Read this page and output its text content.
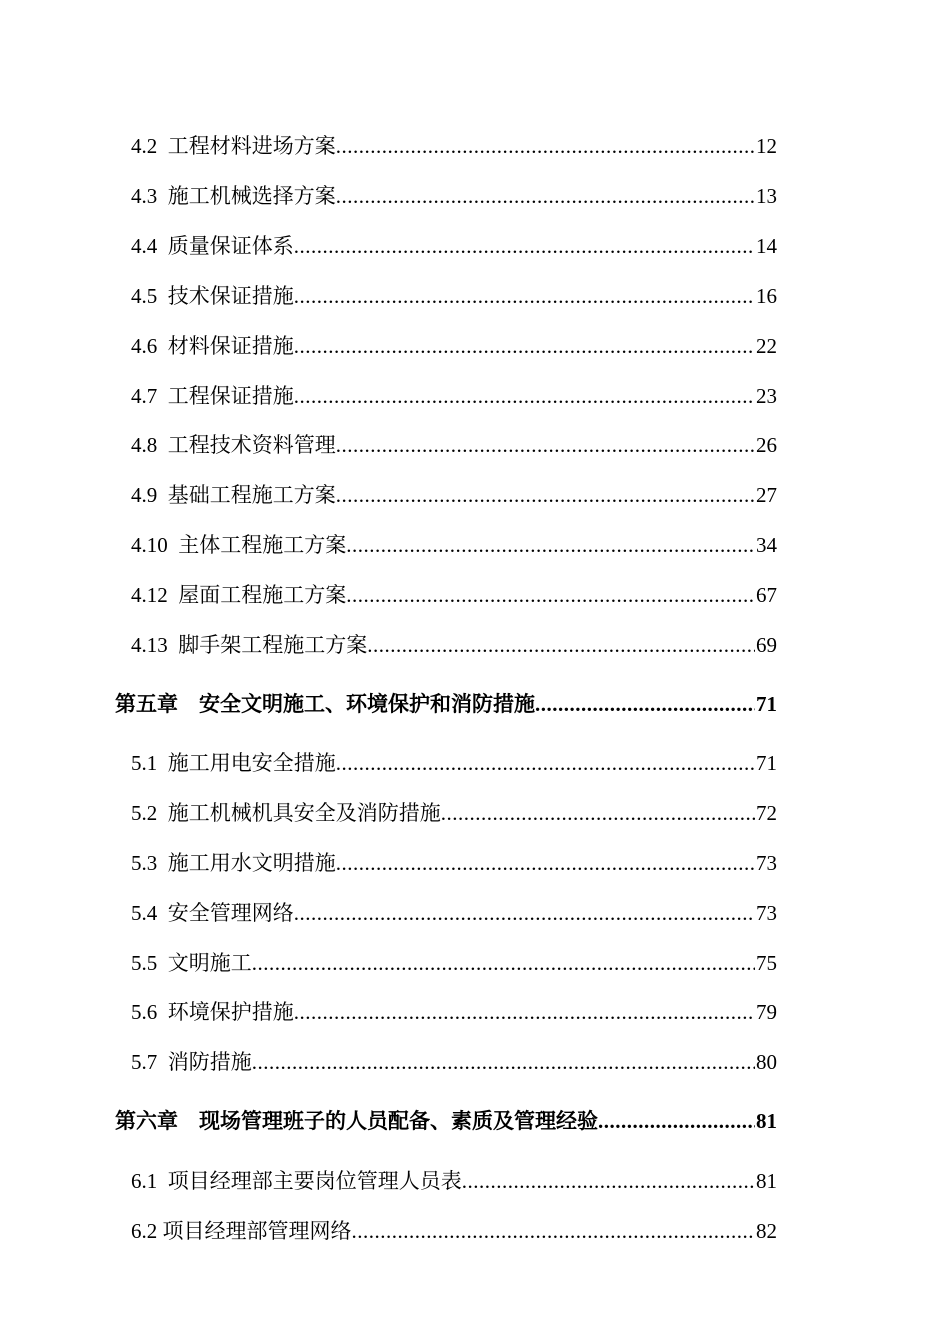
4.2  工程材料进场方案 .....	12
4.3  施工机械选择方案 .....	13
4.4  质量保证体系 .....	14
4.5  技术保证措施 .....	16
4.6  材料保证措施 .....	22
4.7  工程保证措施 .....	23
4.8  工程技术资料管理 .....	26
4.9  基础工程施工方案 .....	27
4.10  主体工程施工方案 .....	34
4.12  屋面工程施工方案 .....	67
4.13  脚手架工程施工方案 .....	69
第五章    安全文明施工、环境保护和消防措施 .....	71
5.1  施工用电安全措施 .....	71
5.2  施工机械机具安全及消防措施 .....	72
5.3  施工用水文明措施 .....	73
5.4  安全管理网络 .....	73
5.5  文明施工 .....	75
5.6  环境保护措施 .....	79
5.7  消防措施 .....	80
第六章    现场管理班子的人员配备、素质及管理经验 .....	81
6.1  项目经理部主要岗位管理人员表 .....	81
6.2 项目经理部管理网络 .....	82
